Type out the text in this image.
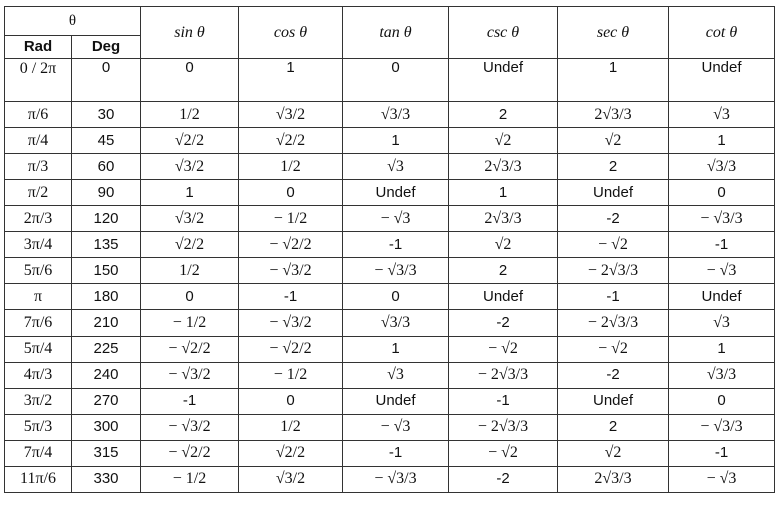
θ		sin θ	cos θ	tan θ	csc θ	sec θ	cot θ
Rad	Deg						
0 / 2π	0	0	1	0	Undef	1	Undef
π/6	30	1/2	√3/2	√3/3	2	2√3/3	√3
π/4	45	√2/2	√2/2	1	√2	√2	1
π/3	60	√3/2	1/2	√3	2√3/3	2	√3/3
π/2	90	1	0	Undef	1	Undef	0
2π/3	120	√3/2	− 1/2	− √3	2√3/3	-2	− √3/3
3π/4	135	√2/2	− √2/2	-1	√2	− √2	-1
5π/6	150	1/2	− √3/2	− √3/3	2	− 2√3/3	− √3
π	180	0	-1	0	Undef	-1	Undef
7π/6	210	− 1/2	− √3/2	√3/3	-2	− 2√3/3	√3
5π/4	225	− √2/2	− √2/2	1	− √2	− √2	1
4π/3	240	− √3/2	− 1/2	√3	− 2√3/3	-2	√3/3
3π/2	270	-1	0	Undef	-1	Undef	0
5π/3	300	− √3/2	1/2	− √3	− 2√3/3	2	− √3/3
7π/4	315	− √2/2	√2/2	-1	− √2	√2	-1
11π/6	330	− 1/2	√3/2	− √3/3	-2	2√3/3	− √3
